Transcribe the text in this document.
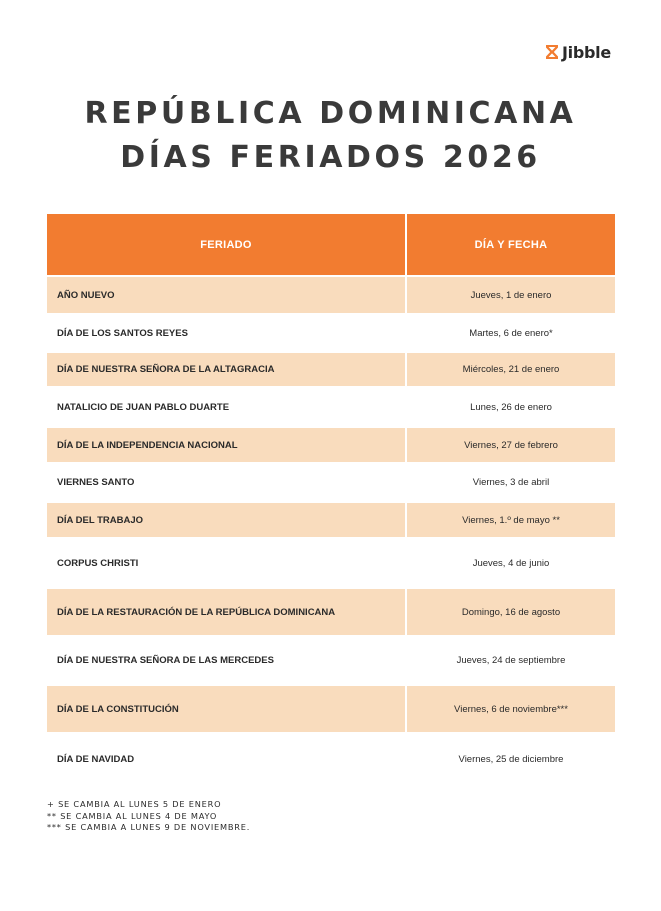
Jibble
REPÚBLICA DOMINICANA
DÍAS FERIADOS 2026
FERIADO	DÍA Y FECHA
AÑO NUEVO	Jueves, 1 de enero
DÍA DE LOS SANTOS REYES	Martes, 6 de enero*
DÍA DE NUESTRA SEÑORA DE LA ALTAGRACIA	Miércoles, 21 de enero
NATALICIO DE JUAN PABLO DUARTE	Lunes, 26 de enero
DÍA DE LA INDEPENDENCIA NACIONAL	Viernes, 27 de febrero
VIERNES SANTO	Viernes, 3 de abril
DÍA DEL TRABAJO	Viernes, 1.º de mayo **
CORPUS CHRISTI	Jueves, 4 de junio
DÍA DE LA RESTAURACIÓN DE LA REPÚBLICA DOMINICANA	Domingo, 16 de agosto
DÍA DE NUESTRA SEÑORA DE LAS MERCEDES	Jueves, 24 de septiembre
DÍA DE LA CONSTITUCIÓN	Viernes, 6 de noviembre***
DÍA DE NAVIDAD	Viernes, 25 de diciembre
+ SE CAMBIA AL LUNES 5 DE ENERO
** SE CAMBIA AL LUNES 4 DE MAYO
*** SE CAMBIA A LUNES 9 DE NOVIEMBRE.
